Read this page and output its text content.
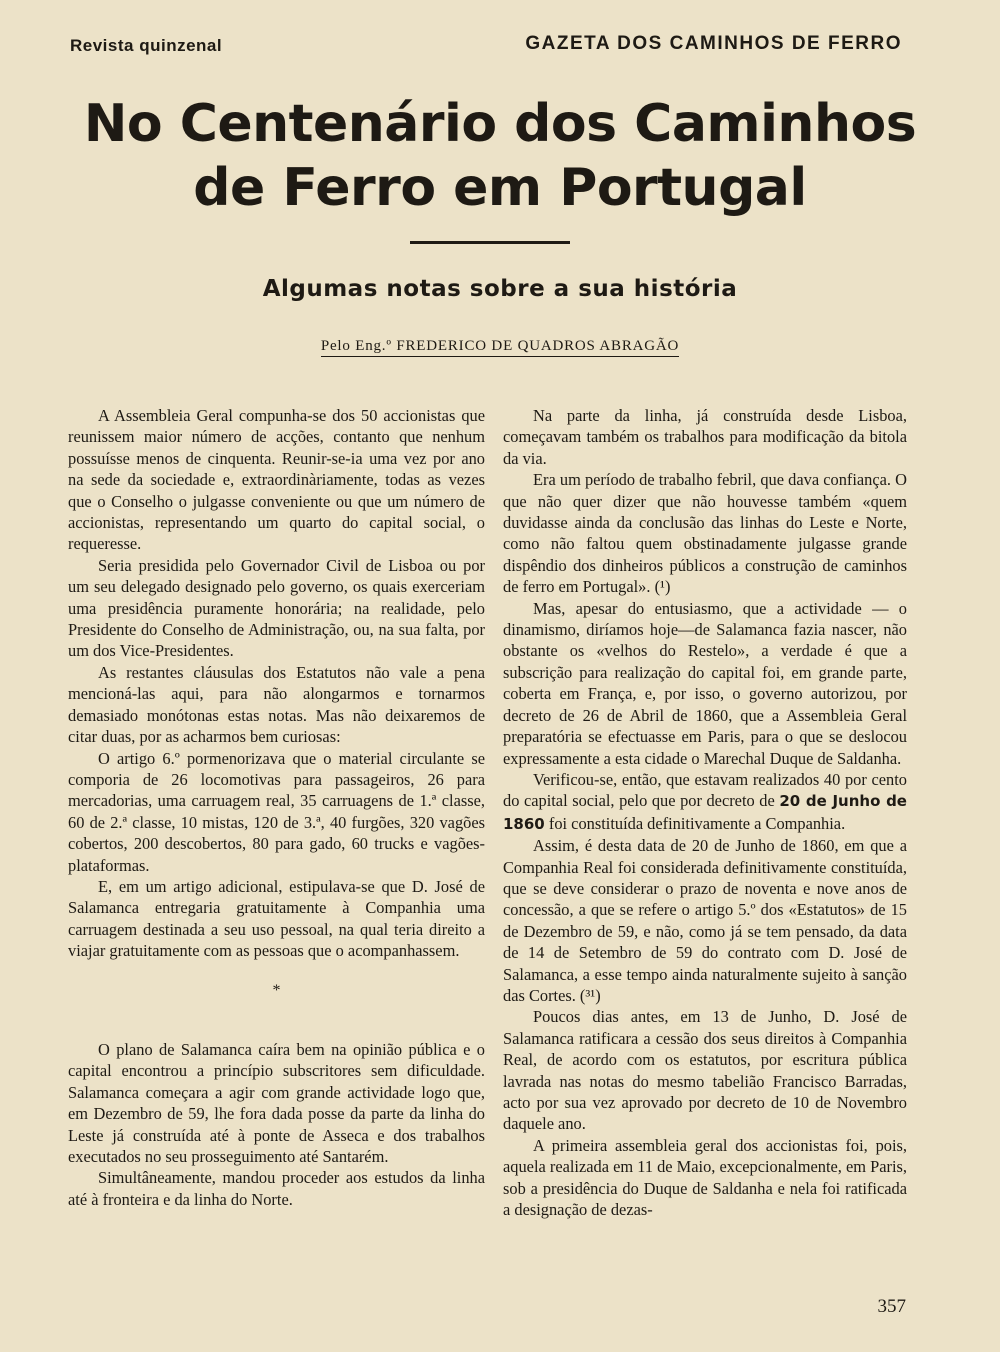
Revista quinzenal	GAZETA DOS CAMINHOS DE FERRO
No Centenário dos Caminhos
de Ferro em Portugal
Algumas notas sobre a sua história
Pelo Eng.º FREDERICO DE QUADROS ABRAGÃO

A Assembleia Geral compunha-se dos 50 accionistas que reunissem maior número de acções, contanto que nenhum possuísse menos de cinquenta. Reunir-se-ia uma vez por ano na sede da sociedade e, extraordinàriamente, todas as vezes que o Conselho o julgasse conveniente ou que um número de accionistas, representando um quarto do capital social, o requeresse.

Seria presidida pelo Governador Civil de Lisboa ou por um seu delegado designado pelo governo, os quais exerceriam uma presidência puramente honorária; na realidade, pelo Presidente do Conselho de Administração, ou, na sua falta, por um dos Vice-Presidentes.

As restantes cláusulas dos Estatutos não vale a pena mencioná-las aqui, para não alongarmos e tornarmos demasiado monótonas estas notas. Mas não deixaremos de citar duas, por as acharmos bem curiosas:

O artigo 6.º pormenorizava que o material circulante se comporia de 26 locomotivas para passageiros, 26 para mercadorias, uma carruagem real, 35 carruagens de 1.ª classe, 60 de 2.ª classe, 10 mistas, 120 de 3.ª, 40 furgões, 320 vagões cobertos, 200 descobertos, 80 para gado, 60 trucks e vagões-plataformas.

E, em um artigo adicional, estipulava-se que D. José de Salamanca entregaria gratuitamente à Companhia uma carruagem destinada a seu uso pessoal, na qual teria direito a viajar gratuitamente com as pessoas que o acompanhassem.

*

O plano de Salamanca caíra bem na opinião pública e o capital encontrou a princípio subscritores sem dificuldade. Salamanca começara a agir com grande actividade logo que, em Dezembro de 59, lhe fora dada posse da parte da linha do Leste já construída até à ponte de Asseca e dos trabalhos executados no seu prosseguimento até Santarém.

Simultâneamente, mandou proceder aos estudos da linha até à fronteira e da linha do Norte.

Na parte da linha, já construída desde Lisboa, começavam também os trabalhos para modificação da bitola da via.

Era um período de trabalho febril, que dava confiança. O que não quer dizer que não houvesse também «quem duvidasse ainda da conclusão das linhas do Leste e Norte, como não faltou quem obstinadamente julgasse grande dispêndio dos dinheiros públicos a construção de caminhos de ferro em Portugal». (¹)

Mas, apesar do entusiasmo, que a actividade — o dinamismo, diríamos hoje—de Salamanca fazia nascer, não obstante os «velhos do Restelo», a verdade é que a subscrição para realização do capital foi, em grande parte, coberta em França, e, por isso, o governo autorizou, por decreto de 26 de Abril de 1860, que a Assembleia Geral preparatória se efectuasse em Paris, para o que se deslocou expressamente a esta cidade o Marechal Duque de Saldanha.

Verificou-se, então, que estavam realizados 40 por cento do capital social, pelo que por decreto de 20 de Junho de 1860 foi constituída definitivamente a Companhia.

Assim, é desta data de 20 de Junho de 1860, em que a Companhia Real foi considerada definitivamente constituída, que se deve considerar o prazo de noventa e nove anos de concessão, a que se refere o artigo 5.º dos «Estatutos» de 15 de Dezembro de 59, e não, como já se tem pensado, da data de 14 de Setembro de 59 do contrato com D. José de Salamanca, a esse tempo ainda naturalmente sujeito à sanção das Cortes. (³¹)

Poucos dias antes, em 13 de Junho, D. José de Salamanca ratificara a cessão dos seus direitos à Companhia Real, de acordo com os estatutos, por escritura pública lavrada nas notas do mesmo tabelião Francisco Barradas, acto por sua vez aprovado por decreto de 10 de Novembro daquele ano.

A primeira assembleia geral dos accionistas foi, pois, aquela realizada em 11 de Maio, excepcionalmente, em Paris, sob a presidência do Duque de Saldanha e nela foi ratificada a designação de dezas-

357
